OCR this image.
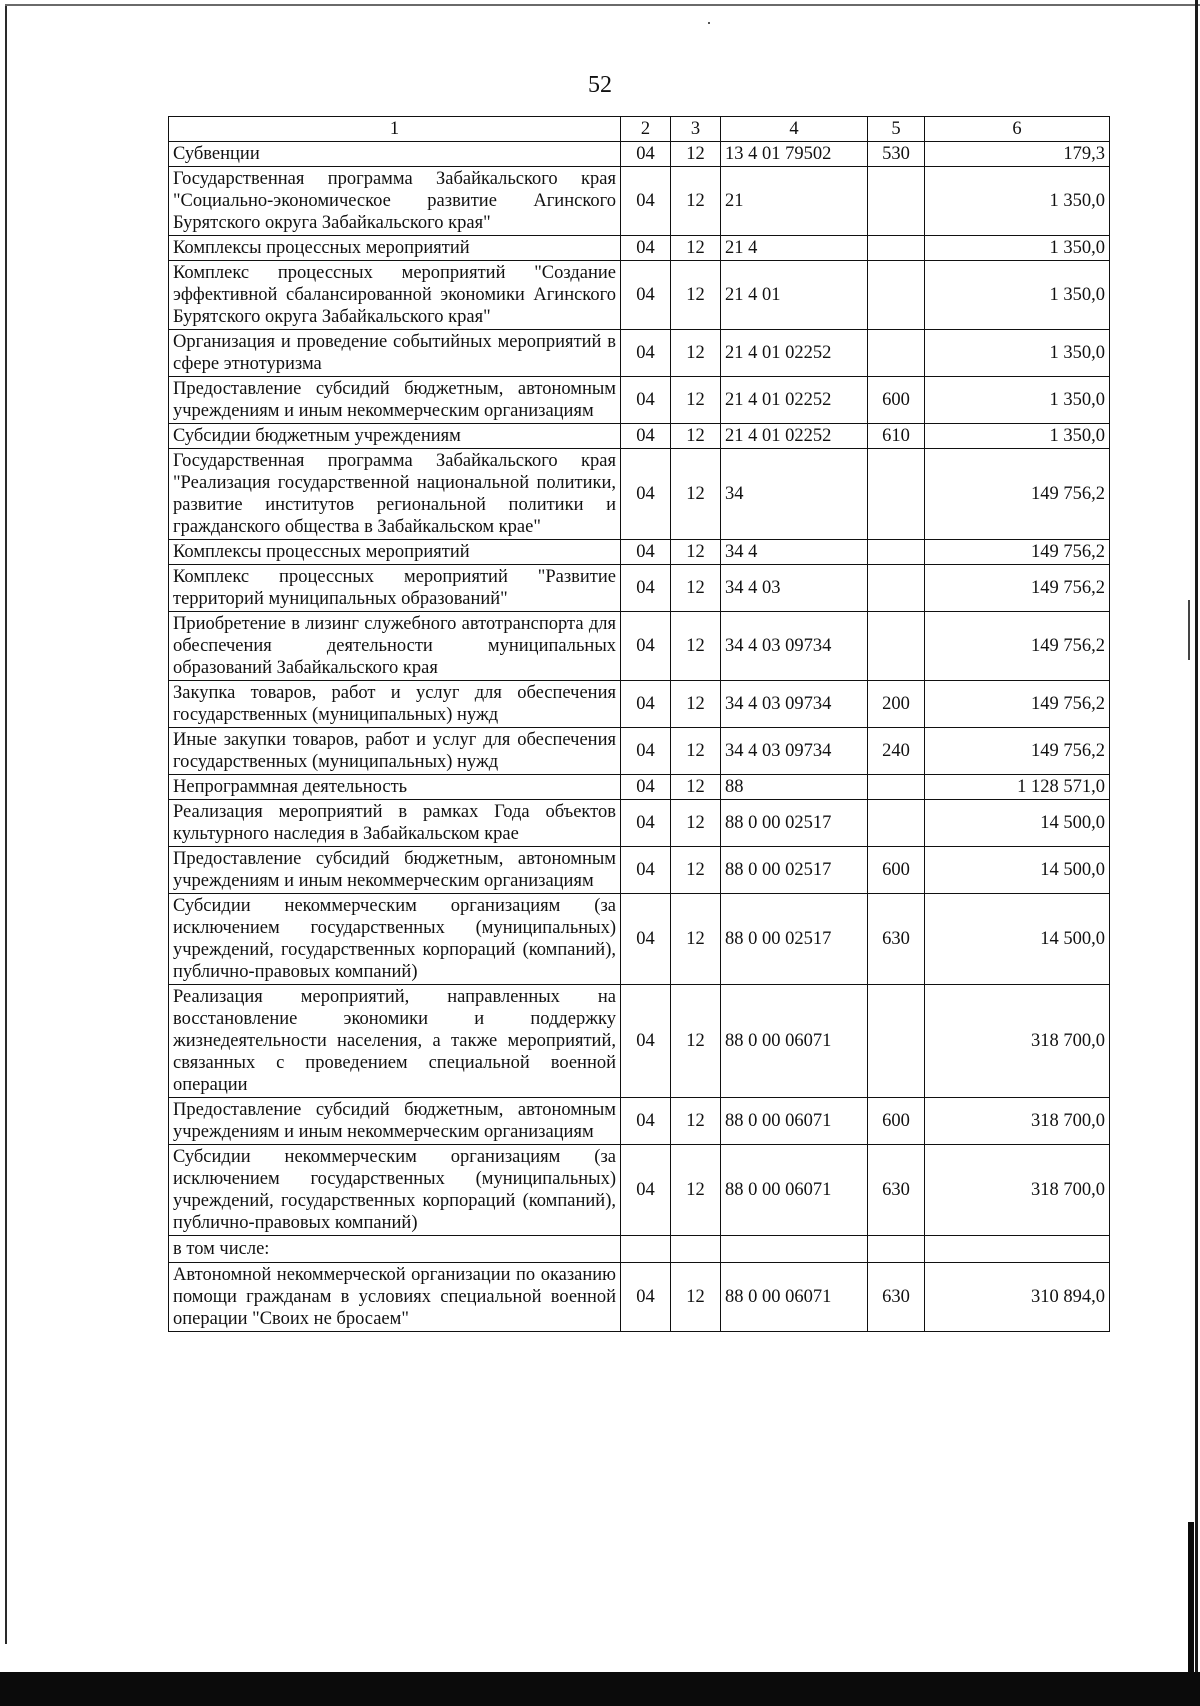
52
1	2	3	4	5	6
Субвенции	04	12	13 4 01 79502	530	179,3
Государственная программа Забайкальского края "Социально-экономическое развитие Агинского Бурятского округа Забайкальского края"	04	12	21		1 350,0
Комплексы процессных мероприятий	04	12	21 4		1 350,0
Комплекс процессных мероприятий "Создание эффективной сбалансированной экономики Агинского Бурятского округа Забайкальского края"	04	12	21 4 01		1 350,0
Организация и проведение событийных мероприятий в сфере этнотуризма	04	12	21 4 01 02252		1 350,0
Предоставление субсидий бюджетным, автономным учреждениям и иным некоммерческим организациям	04	12	21 4 01 02252	600	1 350,0
Субсидии бюджетным учреждениям	04	12	21 4 01 02252	610	1 350,0
Государственная программа Забайкальского края "Реализация государственной национальной политики, развитие институтов региональной политики и гражданского общества в Забайкальском крае"	04	12	34		149 756,2
Комплексы процессных мероприятий	04	12	34 4		149 756,2
Комплекс процессных мероприятий "Развитие территорий муниципальных образований"	04	12	34 4 03		149 756,2
Приобретение в лизинг служебного автотранспорта для обеспечения деятельности муниципальных образований Забайкальского края	04	12	34 4 03 09734		149 756,2
Закупка товаров, работ и услуг для обеспечения государственных (муниципальных) нужд	04	12	34 4 03 09734	200	149 756,2
Иные закупки товаров, работ и услуг для обеспечения государственных (муниципальных) нужд	04	12	34 4 03 09734	240	149 756,2
Непрограммная деятельность	04	12	88		1 128 571,0
Реализация мероприятий в рамках Года объектов культурного наследия в Забайкальском крае	04	12	88 0 00 02517		14 500,0
Предоставление субсидий бюджетным, автономным учреждениям и иным некоммерческим организациям	04	12	88 0 00 02517	600	14 500,0
Субсидии некоммерческим организациям (за исключением государственных (муниципальных) учреждений, государственных корпораций (компаний), публично-правовых компаний)	04	12	88 0 00 02517	630	14 500,0
Реализация мероприятий, направленных на восстановление экономики и поддержку жизнедеятельности населения, а также мероприятий, связанных с проведением специальной военной операции	04	12	88 0 00 06071		318 700,0
Предоставление субсидий бюджетным, автономным учреждениям и иным некоммерческим организациям	04	12	88 0 00 06071	600	318 700,0
Субсидии некоммерческим организациям (за исключением государственных (муниципальных) учреждений, государственных корпораций (компаний), публично-правовых компаний)	04	12	88 0 00 06071	630	318 700,0
в том числе:					
Автономной некоммерческой организации по оказанию помощи гражданам в условиях специальной военной операции "Своих не бросаем"	04	12	88 0 00 06071	630	310 894,0
